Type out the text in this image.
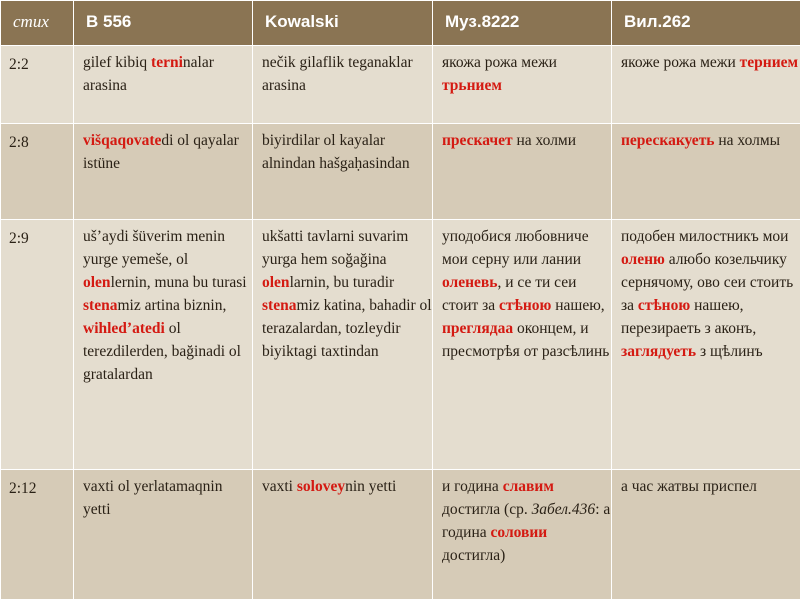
стих	B 556	Kowalski	Муз.8222	Вил.262
2:2	gilef kibiq terninalar arasina	nečik gilaflik teganaklar arasina	якожа рожа межи трьнием	якоже рожа межи тернием
2:8	višqaqovatedi ol qayalar istüne	biyirdilar ol kayalar alnindan hašgaḥasindan	прескачет на холми	перескакуеть на холмы
2:9	uš’aydi šüverim menin yurge yemeše, ol olenlernin, muna bu turasi stenamiz artina biznin, wihled’atedi ol terezdilerden, bağinadi ol gratalardan	ukšatti tavlarni suvarim yurga hem soğağina olenlarnin, bu turadir stenamiz katina, bahadir ol terazalardan, tozleydir biyiktagi taxtindan	уподобися любовниче мои серну или лании оленевь, и се ти сеи стоит за стѣною нашею, преглядаа оконцем, и пресмотрѣя от разсѣлинь	подобен милостникъ мои оленю алюбо козельчику сернячому, ово сеи стоить за стѣною нашею, перезираеть з аконъ, заглядуеть з щѣлинъ
2:12	vaxti ol yerlatamaqnin yetti	vaxti soloveynin yetti	и година славим достигла (ср. Забел.436: а година соловии достигла)	а час жатвы приспел
